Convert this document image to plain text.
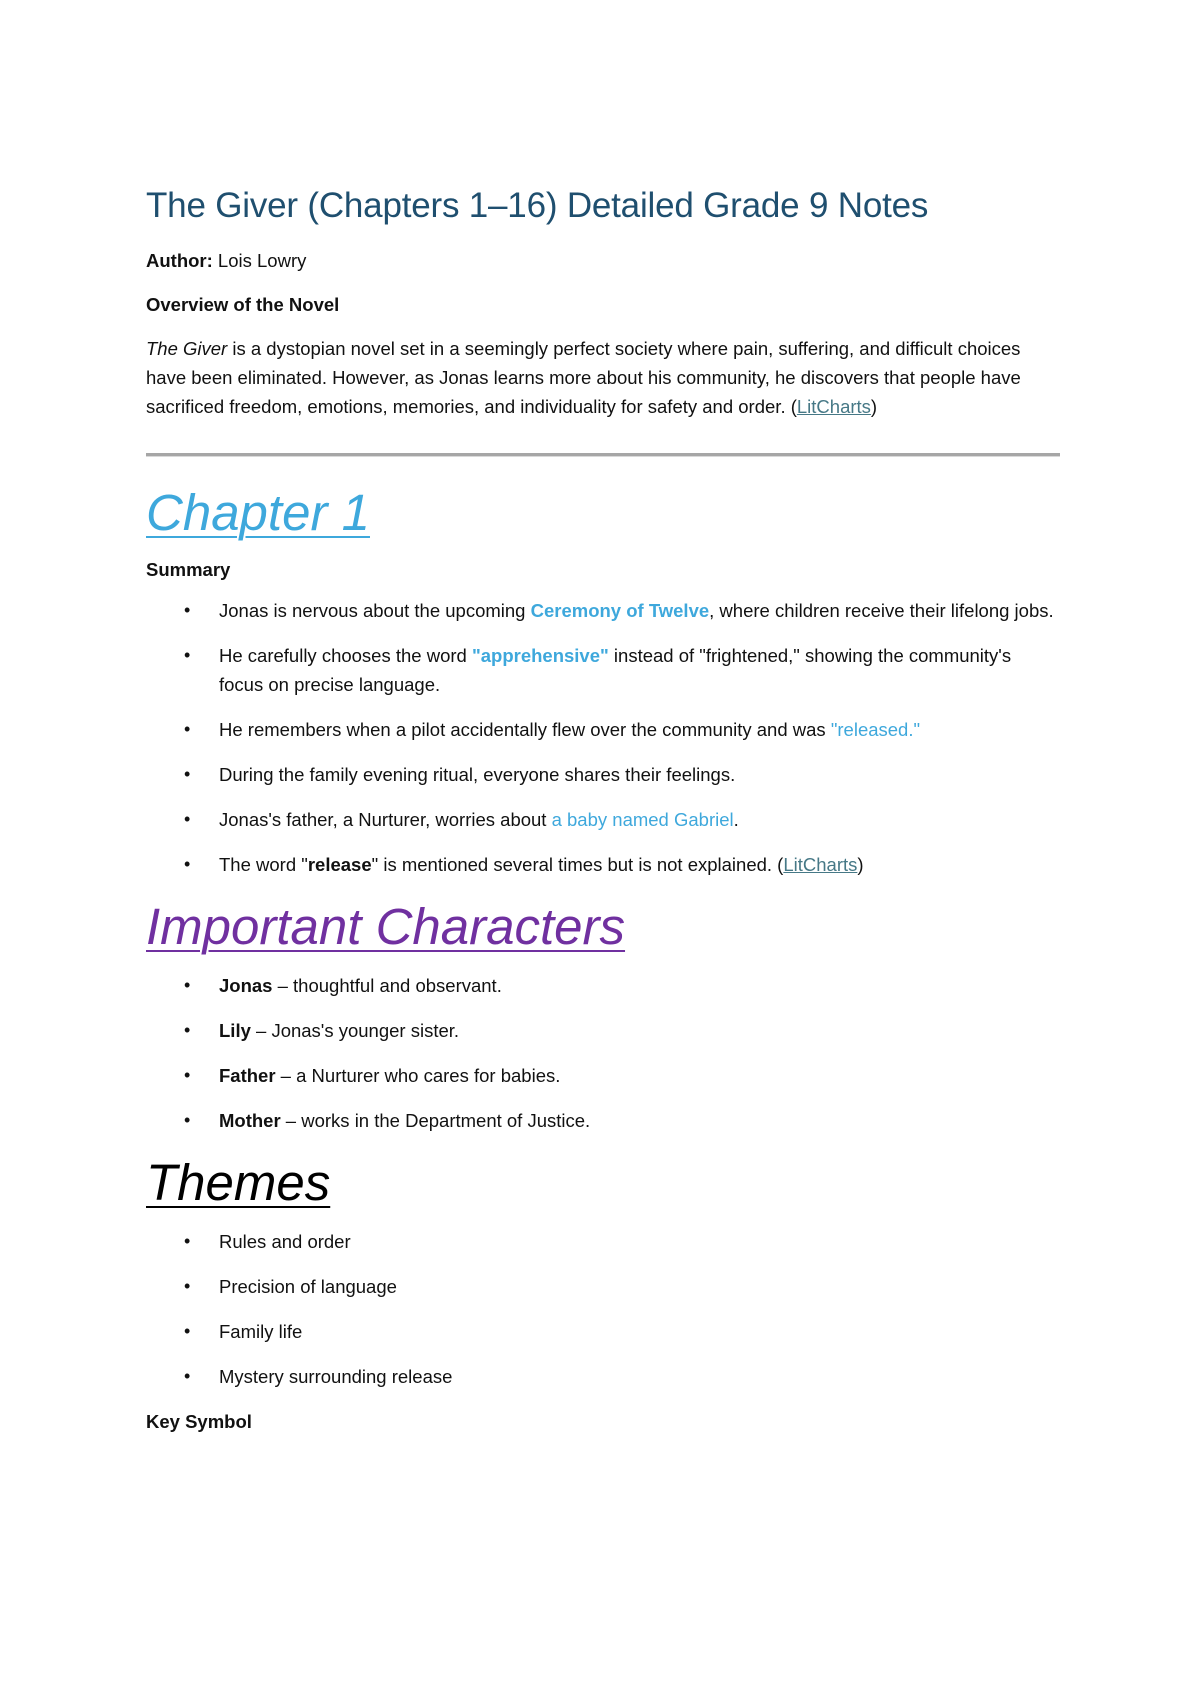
The Giver (Chapters 1–16) Detailed Grade 9 Notes

Author: Lois Lowry

Overview of the Novel

The Giver is a dystopian novel set in a seemingly perfect society where pain, suffering, and difficult choices have been eliminated. However, as Jonas learns more about his community, he discovers that people have sacrificed freedom, emotions, memories, and individuality for safety and order. (LitCharts)

Chapter 1

Summary

• Jonas is nervous about the upcoming Ceremony of Twelve, where children receive their lifelong jobs.
• He carefully chooses the word "apprehensive" instead of "frightened," showing the community's focus on precise language.
• He remembers when a pilot accidentally flew over the community and was "released."
• During the family evening ritual, everyone shares their feelings.
• Jonas's father, a Nurturer, worries about a baby named Gabriel.
• The word "release" is mentioned several times but is not explained. (LitCharts)
Important Characters
• Jonas – thoughtful and observant.
• Lily – Jonas's younger sister.
• Father – a Nurturer who cares for babies.
• Mother – works in the Department of Justice.
Themes
• Rules and order
• Precision of language
• Family life
• Mystery surrounding release

Key Symbol
